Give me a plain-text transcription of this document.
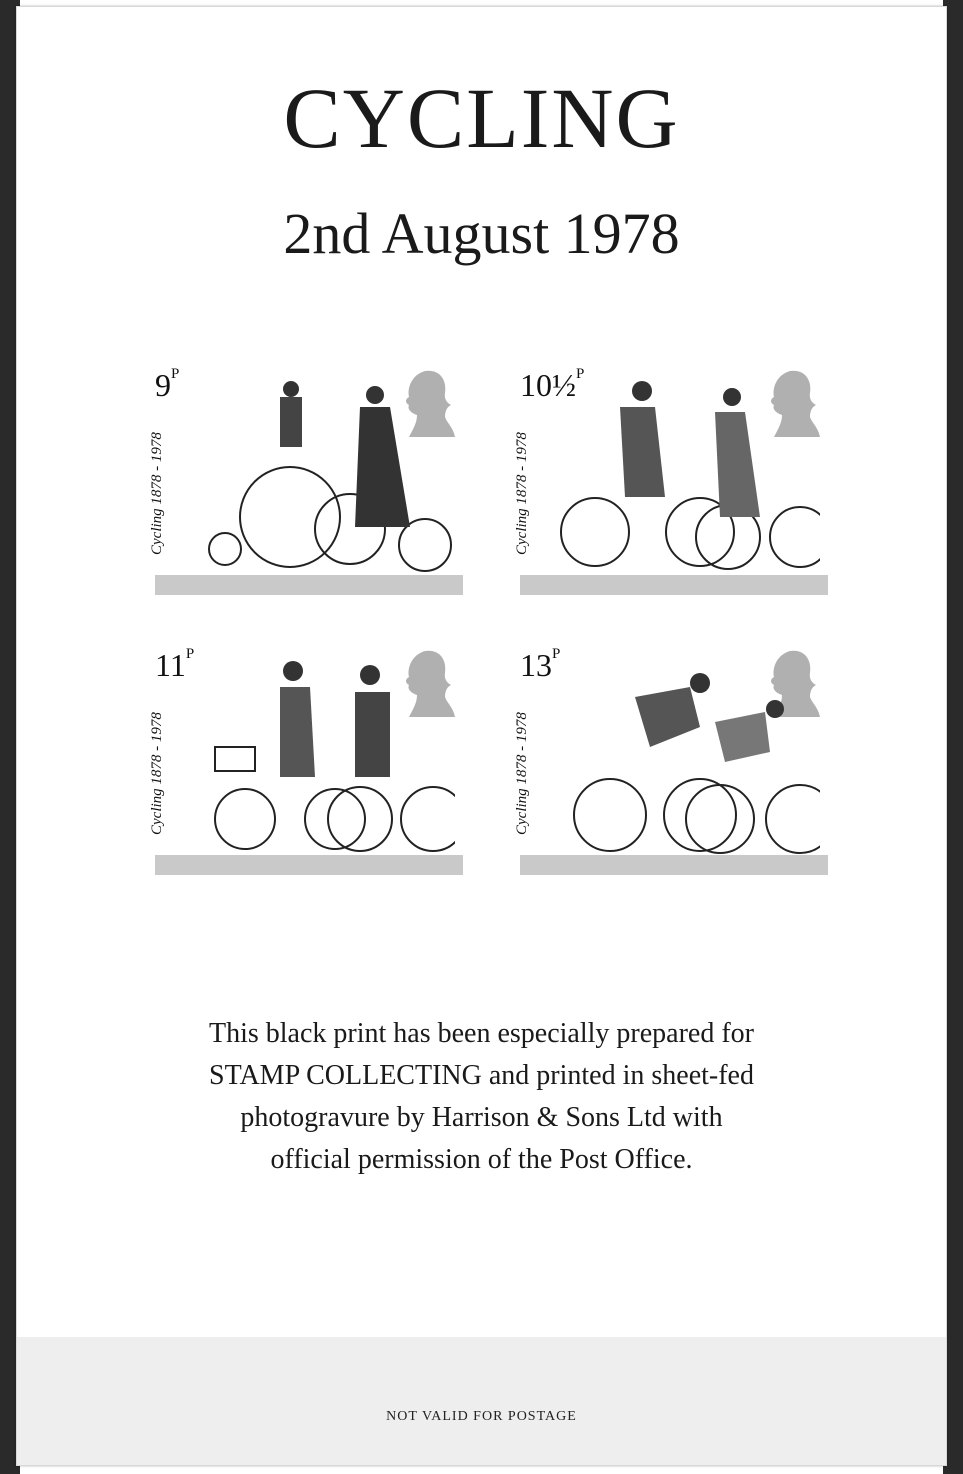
CYCLING
2nd August 1978
$9^P$
Cycling 1878 - 1978
10½$^P$
Cycling 1878 - 1978
$11^P$
Cycling 1878 - 1978
$13^P$
Cycling 1878 - 1978
This black print has been especially prepared for
STAMP COLLECTING and printed in sheet-fed
photogravure by Harrison & Sons Ltd with
official permission of the Post Office.
NOT VALID FOR POSTAGE
